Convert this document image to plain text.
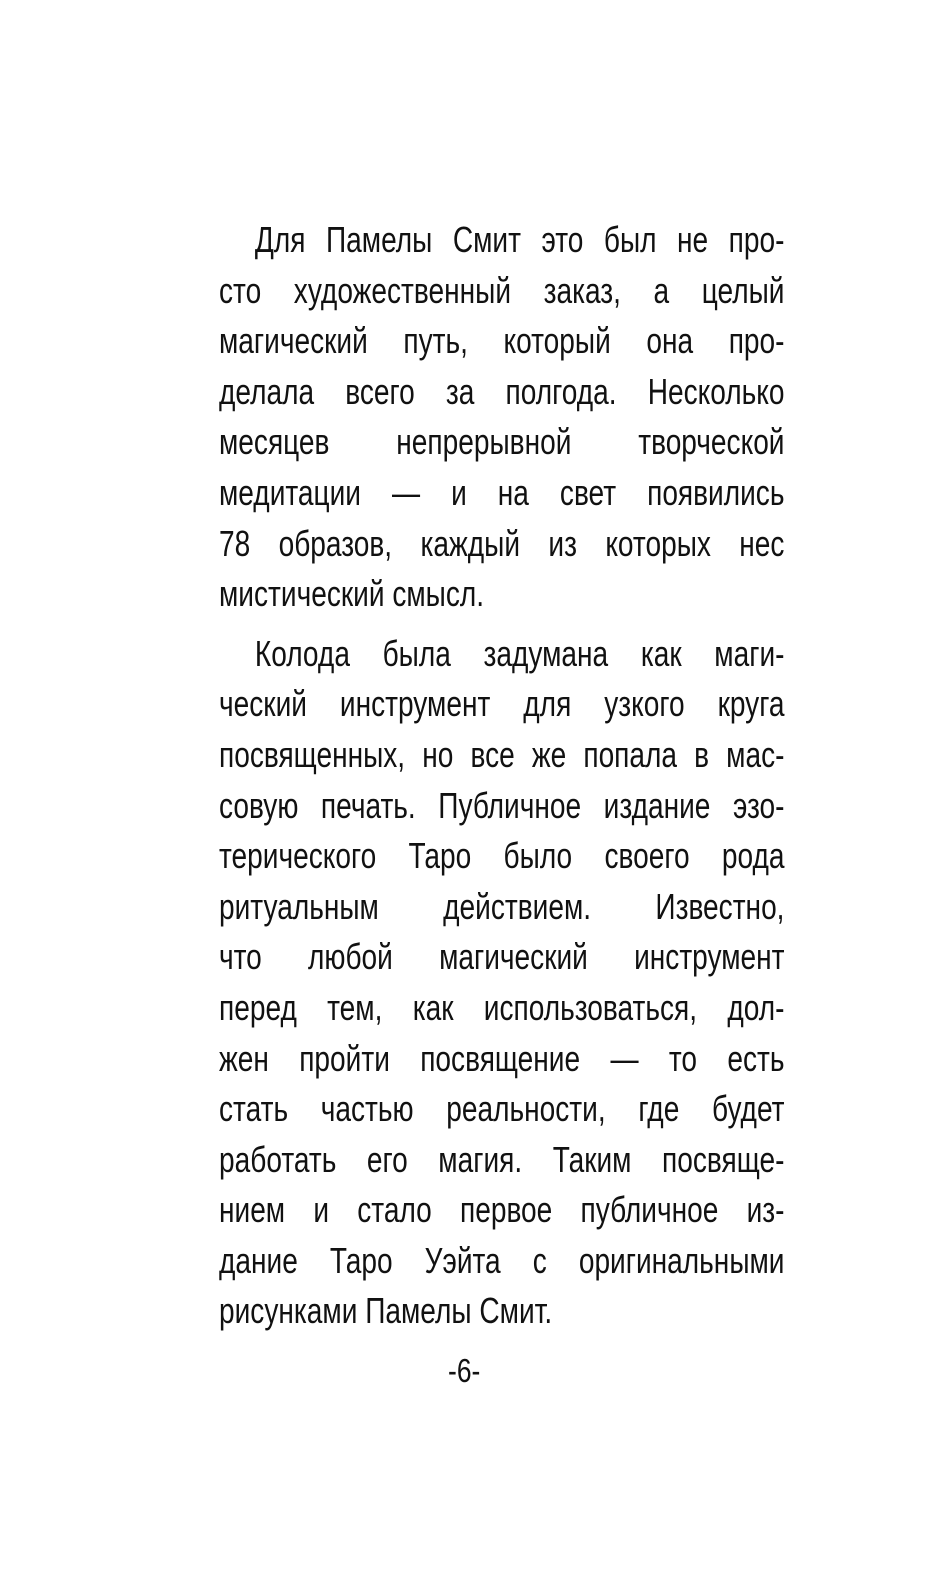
Для Памелы Смит это был не про-
сто художественный заказ, а целый
магический путь, который она про-
делала всего за полгода. Несколько
месяцев непрерывной творческой
медитации — и на свет появились
78 образов, каждый из которых нес
мистический смысл.
Колода была задумана как маги-
ческий инструмент для узкого круга
посвященных, но все же попала в мас-
совую печать. Публичное издание эзо-
терического Таро было своего рода
ритуальным действием. Известно,
что любой магический инструмент
перед тем, как использоваться, дол-
жен пройти посвящение — то есть
стать частью реальности, где будет
работать его магия. Таким посвяще-
нием и стало первое публичное из-
дание Таро Уэйта с оригинальными
рисунками Памелы Смит.
-6-
